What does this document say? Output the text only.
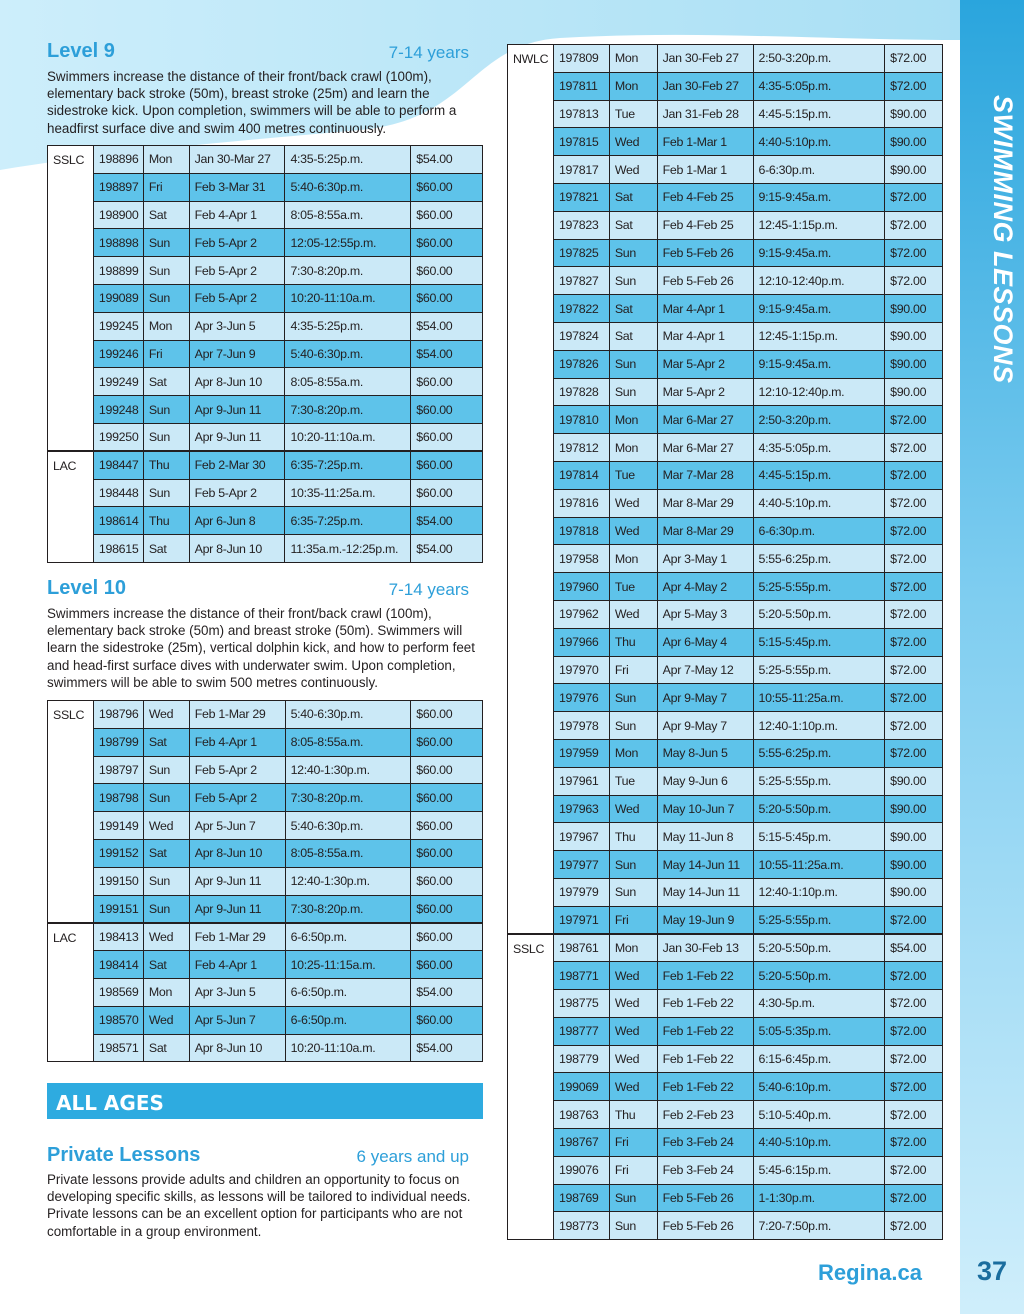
SWIMMING LESSONS
37
Regina.ca
Level 9	7-14 years
Swimmers increase the distance of their front/back crawl (100m), elementary back stroke (50m), breast stroke (25m) and learn the sidestroke kick. Upon completion, swimmers will be able to perform a headfirst surface dive and swim 400 metres continuously.
SSLC	198896	Mon	Jan 30-Mar 27	4:35-5:25p.m.	$54.00
	198897	Fri	Feb 3-Mar 31	5:40-6:30p.m.	$60.00
	198900	Sat	Feb 4-Apr 1	8:05-8:55a.m.	$60.00
	198898	Sun	Feb 5-Apr 2	12:05-12:55p.m.	$60.00
	198899	Sun	Feb 5-Apr 2	7:30-8:20p.m.	$60.00
	199089	Sun	Feb 5-Apr 2	10:20-11:10a.m.	$60.00
	199245	Mon	Apr 3-Jun 5	4:35-5:25p.m.	$54.00
	199246	Fri	Apr 7-Jun 9	5:40-6:30p.m.	$54.00
	199249	Sat	Apr 8-Jun 10	8:05-8:55a.m.	$60.00
	199248	Sun	Apr 9-Jun 11	7:30-8:20p.m.	$60.00
	199250	Sun	Apr 9-Jun 11	10:20-11:10a.m.	$60.00
LAC	198447	Thu	Feb 2-Mar 30	6:35-7:25p.m.	$60.00
	198448	Sun	Feb 5-Apr 2	10:35-11:25a.m.	$60.00
	198614	Thu	Apr 6-Jun 8	6:35-7:25p.m.	$54.00
	198615	Sat	Apr 8-Jun 10	11:35a.m.-12:25p.m.	$54.00
Level 10	7-14 years
Swimmers increase the distance of their front/back crawl (100m), elementary back stroke (50m) and breast stroke (50m). Swimmers will learn the sidestroke (25m), vertical dolphin kick, and how to perform feet and head-first surface dives with underwater swim. Upon completion, swimmers will be able to swim 500 metres continuously.
SSLC	198796	Wed	Feb 1-Mar 29	5:40-6:30p.m.	$60.00
	198799	Sat	Feb 4-Apr 1	8:05-8:55a.m.	$60.00
	198797	Sun	Feb 5-Apr 2	12:40-1:30p.m.	$60.00
	198798	Sun	Feb 5-Apr 2	7:30-8:20p.m.	$60.00
	199149	Wed	Apr 5-Jun 7	5:40-6:30p.m.	$60.00
	199152	Sat	Apr 8-Jun 10	8:05-8:55a.m.	$60.00
	199150	Sun	Apr 9-Jun 11	12:40-1:30p.m.	$60.00
	199151	Sun	Apr 9-Jun 11	7:30-8:20p.m.	$60.00
LAC	198413	Wed	Feb 1-Mar 29	6-6:50p.m.	$60.00
	198414	Sat	Feb 4-Apr 1	10:25-11:15a.m.	$60.00
	198569	Mon	Apr 3-Jun 5	6-6:50p.m.	$54.00
	198570	Wed	Apr 5-Jun 7	6-6:50p.m.	$60.00
	198571	Sat	Apr 8-Jun 10	10:20-11:10a.m.	$54.00
ALL AGES
Private Lessons	6 years and up
Private lessons provide adults and children an opportunity to focus on developing specific skills, as lessons will be tailored to individual needs. Private lessons can be an excellent option for participants who are not comfortable in a group environment.
NWLC	197809	Mon	Jan 30-Feb 27	2:50-3:20p.m.	$72.00
	197811	Mon	Jan 30-Feb 27	4:35-5:05p.m.	$72.00
	197813	Tue	Jan 31-Feb 28	4:45-5:15p.m.	$90.00
	197815	Wed	Feb 1-Mar 1	4:40-5:10p.m.	$90.00
	197817	Wed	Feb 1-Mar 1	6-6:30p.m.	$90.00
	197821	Sat	Feb 4-Feb 25	9:15-9:45a.m.	$72.00
	197823	Sat	Feb 4-Feb 25	12:45-1:15p.m.	$72.00
	197825	Sun	Feb 5-Feb 26	9:15-9:45a.m.	$72.00
	197827	Sun	Feb 5-Feb 26	12:10-12:40p.m.	$72.00
	197822	Sat	Mar 4-Apr 1	9:15-9:45a.m.	$90.00
	197824	Sat	Mar 4-Apr 1	12:45-1:15p.m.	$90.00
	197826	Sun	Mar 5-Apr 2	9:15-9:45a.m.	$90.00
	197828	Sun	Mar 5-Apr 2	12:10-12:40p.m.	$90.00
	197810	Mon	Mar 6-Mar 27	2:50-3:20p.m.	$72.00
	197812	Mon	Mar 6-Mar 27	4:35-5:05p.m.	$72.00
	197814	Tue	Mar 7-Mar 28	4:45-5:15p.m.	$72.00
	197816	Wed	Mar 8-Mar 29	4:40-5:10p.m.	$72.00
	197818	Wed	Mar 8-Mar 29	6-6:30p.m.	$72.00
	197958	Mon	Apr 3-May 1	5:55-6:25p.m.	$72.00
	197960	Tue	Apr 4-May 2	5:25-5:55p.m.	$72.00
	197962	Wed	Apr 5-May 3	5:20-5:50p.m.	$72.00
	197966	Thu	Apr 6-May 4	5:15-5:45p.m.	$72.00
	197970	Fri	Apr 7-May 12	5:25-5:55p.m.	$72.00
	197976	Sun	Apr 9-May 7	10:55-11:25a.m.	$72.00
	197978	Sun	Apr 9-May 7	12:40-1:10p.m.	$72.00
	197959	Mon	May 8-Jun 5	5:55-6:25p.m.	$72.00
	197961	Tue	May 9-Jun 6	5:25-5:55p.m.	$90.00
	197963	Wed	May 10-Jun 7	5:20-5:50p.m.	$90.00
	197967	Thu	May 11-Jun 8	5:15-5:45p.m.	$90.00
	197977	Sun	May 14-Jun 11	10:55-11:25a.m.	$90.00
	197979	Sun	May 14-Jun 11	12:40-1:10p.m.	$90.00
	197971	Fri	May 19-Jun 9	5:25-5:55p.m.	$72.00
SSLC	198761	Mon	Jan 30-Feb 13	5:20-5:50p.m.	$54.00
	198771	Wed	Feb 1-Feb 22	5:20-5:50p.m.	$72.00
	198775	Wed	Feb 1-Feb 22	4:30-5p.m.	$72.00
	198777	Wed	Feb 1-Feb 22	5:05-5:35p.m.	$72.00
	198779	Wed	Feb 1-Feb 22	6:15-6:45p.m.	$72.00
	199069	Wed	Feb 1-Feb 22	5:40-6:10p.m.	$72.00
	198763	Thu	Feb 2-Feb 23	5:10-5:40p.m.	$72.00
	198767	Fri	Feb 3-Feb 24	4:40-5:10p.m.	$72.00
	199076	Fri	Feb 3-Feb 24	5:45-6:15p.m.	$72.00
	198769	Sun	Feb 5-Feb 26	1-1:30p.m.	$72.00
	198773	Sun	Feb 5-Feb 26	7:20-7:50p.m.	$72.00
